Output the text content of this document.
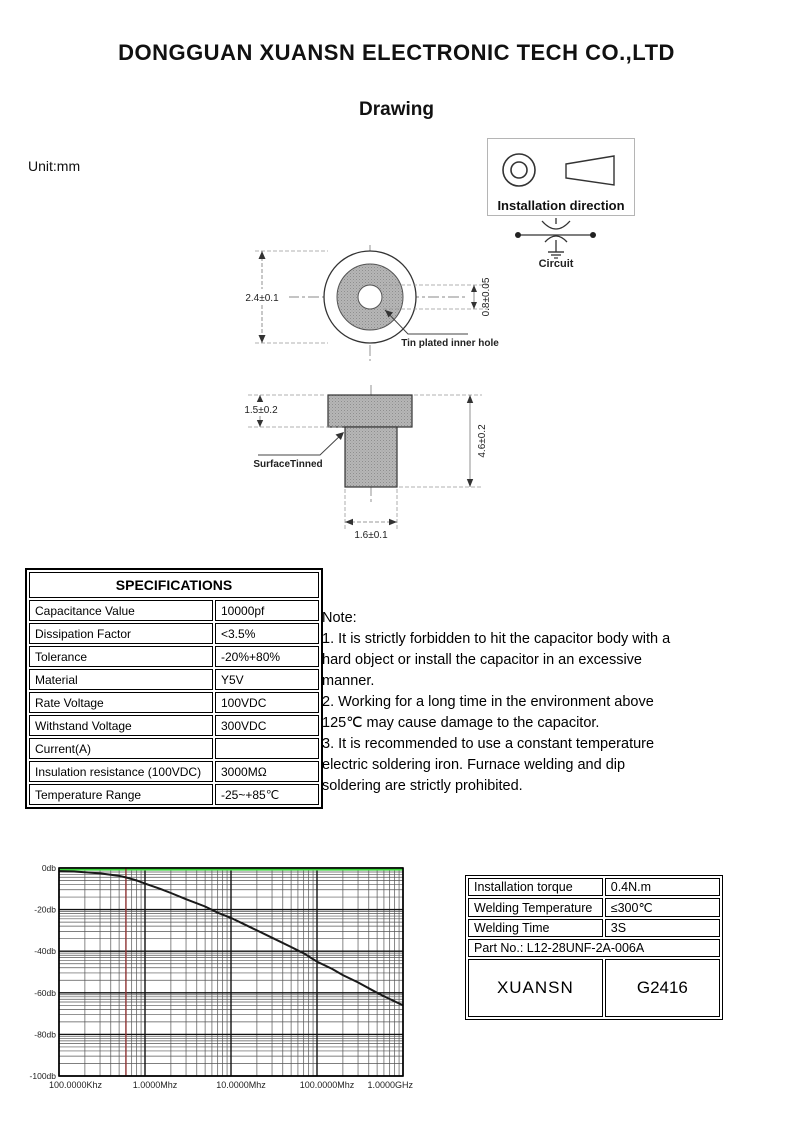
DONGGUAN XUANSN ELECTRONIC TECH CO.,LTD
Drawing
Unit:mm
Installation direction
Circuit
2.4±0.1	0.8±0.05
Tin plated inner hole
1.5±0.2
4.6±0.2
SurfaceTinned
1.6±0.1
SPECIFICATIONS	
Capacitance Value	10000pf
Dissipation Factor	<3.5%
Tolerance	-20%+80%
Material	Y5V
Rate Voltage	100VDC
Withstand Voltage	300VDC
Current(A)	
Insulation resistance (100VDC)	3000MΩ
Temperature Range	-25~+85℃
Note:
1. It is strictly forbidden to hit the capacitor body with a
hard object or install the capacitor in an excessive
manner.
2. Working for a long time in the environment above
125℃ may cause damage to the capacitor.
3. It is recommended to use a constant temperature
electric soldering iron. Furnace welding and dip
soldering are strictly prohibited.
0db
-20db
-40db
-60db
-80db
-100db
100.0000Khz	1.0000Mhz	10.0000Mhz	100.0000Mhz 1.0000GHz
Installation torque	0.4N.m
Welding Temperature	≤300℃
Welding Time	3S
Part No.: L12-28UNF-2A-006A	
XUANSN	G2416
